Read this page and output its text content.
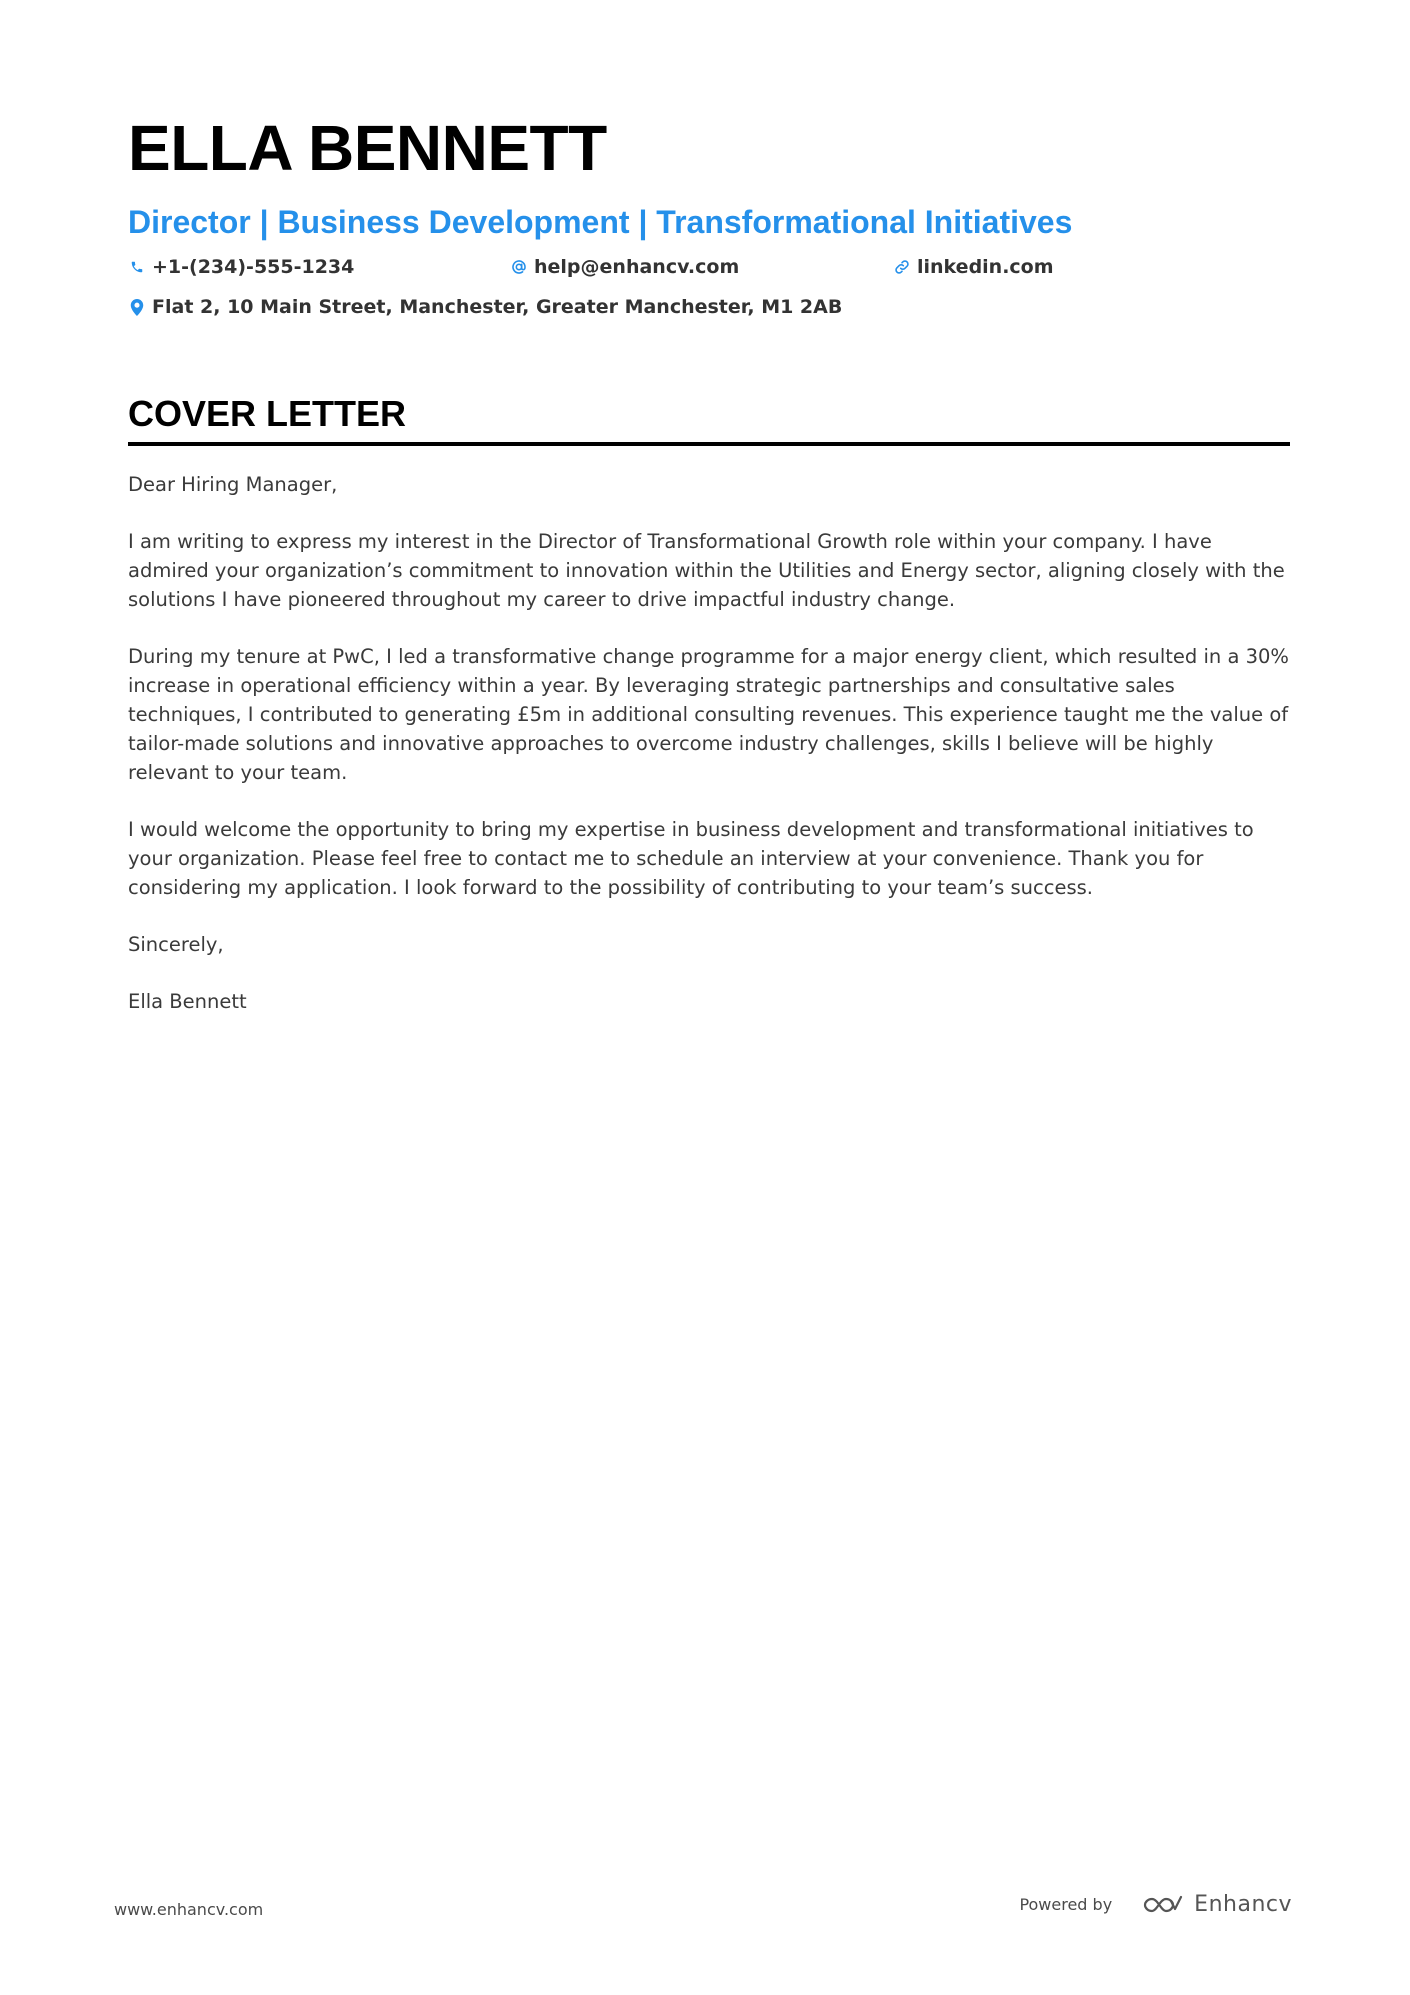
ELLA BENNETT
Director | Business Development | Transformational Initiatives
+1-(234)-555-1234	help@enhancv.com	linkedin.com
Flat 2, 10 Main Street, Manchester, Greater Manchester, M1 2AB
COVER LETTER

Dear Hiring Manager,

I am writing to express my interest in the Director of Transformational Growth role within your company. I have admired your organization’s commitment to innovation within the Utilities and Energy sector, aligning closely with the solutions I have pioneered throughout my career to drive impactful industry change.

During my tenure at PwC, I led a transformative change programme for a major energy client, which resulted in a 30% increase in operational efficiency within a year. By leveraging strategic partnerships and consultative sales techniques, I contributed to generating £5m in additional consulting revenues. This experience taught me the value of tailor-made solutions and innovative approaches to overcome industry challenges, skills I believe will be highly relevant to your team.

I would welcome the opportunity to bring my expertise in business development and transformational initiatives to your organization. Please feel free to contact me to schedule an interview at your convenience. Thank you for considering my application. I look forward to the possibility of contributing to your team’s success.

Sincerely,

Ella Bennett

www.enhancv.com	Powered by	Enhancv
